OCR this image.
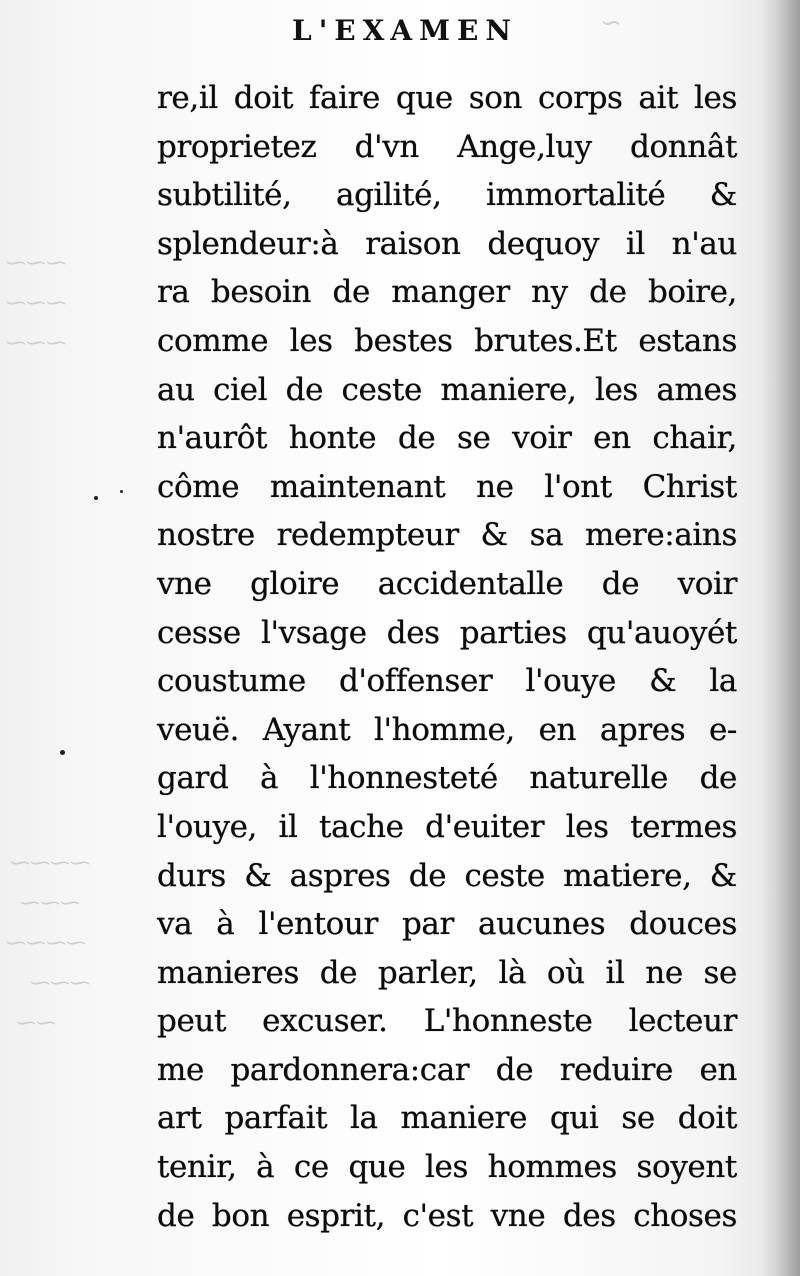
~
⁓⁓⁓
⁓⁓⁓
⁓⁓⁓
⁓⁓⁓⁓
⁓⁓⁓
⁓⁓⁓⁓
⁓⁓⁓
⁓⁓
L'EXAMEN
re,il doit faire que son corps ait les
proprietez d'vn Ange,luy donnât
subtilité, agilité, immortalité &
splendeur:à raison dequoy il n'au
ra besoin de manger ny de boire,
comme les bestes brutes.Et estans
au ciel de ceste maniere, les ames
n'aurôt honte de se voir en chair,
côme maintenant ne l'ont Christ
nostre redempteur & sa mere:ains
vne gloire accidentalle de voir
cesse l'vsage des parties qu'auoyét
coustume d'offenser l'ouye & la
veuë. Ayant l'homme, en apres e-
gard à l'honnesteté naturelle de
l'ouye, il tache d'euiter les termes
durs & aspres de ceste matiere, &
va à l'entour par aucunes douces
manieres de parler, là où il ne se
peut excuser. L'honneste lecteur
me pardonnera:car de reduire en
art parfait la maniere qui se doit
tenir, à ce que les hommes soyent
de bon esprit, c'est vne des choses
